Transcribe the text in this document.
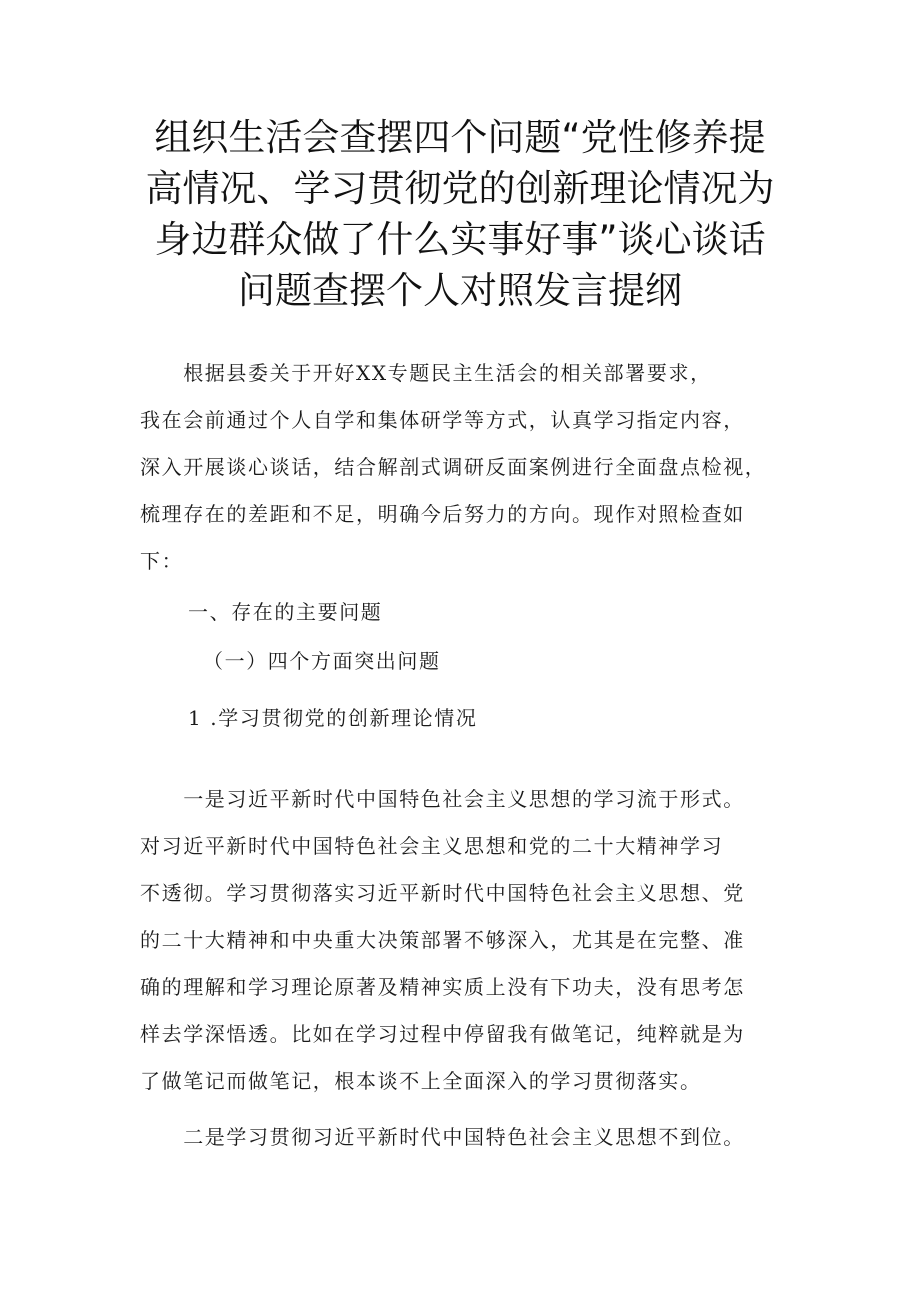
组织生活会查摆四个问题“党性修养提
高情况、学习贯彻党的创新理论情况为
身边群众做了什么实事好事”谈心谈话
问题查摆个人对照发言提纲

　　根据县委关于开好XX专题民主生活会的相关部署要求，
我在会前通过个人自学和集体研学等方式，认真学习指定内容，
深入开展谈心谈话，结合解剖式调研反面案例进行全面盘点检视，
梳理存在的差距和不足，明确今后努力的方向。现作对照检查如
下：

一、存在的主要问题

（一）四个方面突出问题

1 .学习贯彻党的创新理论情况

　　一是习近平新时代中国特色社会主义思想的学习流于形式。
对习近平新时代中国特色社会主义思想和党的二十大精神学习
不透彻。学习贯彻落实习近平新时代中国特色社会主义思想、党
的二十大精神和中央重大决策部署不够深入，尤其是在完整、准
确的理解和学习理论原著及精神实质上没有下功夫，没有思考怎
样去学深悟透。比如在学习过程中停留我有做笔记，纯粹就是为
了做笔记而做笔记，根本谈不上全面深入的学习贯彻落实。

　　二是学习贯彻习近平新时代中国特色社会主义思想不到位。
